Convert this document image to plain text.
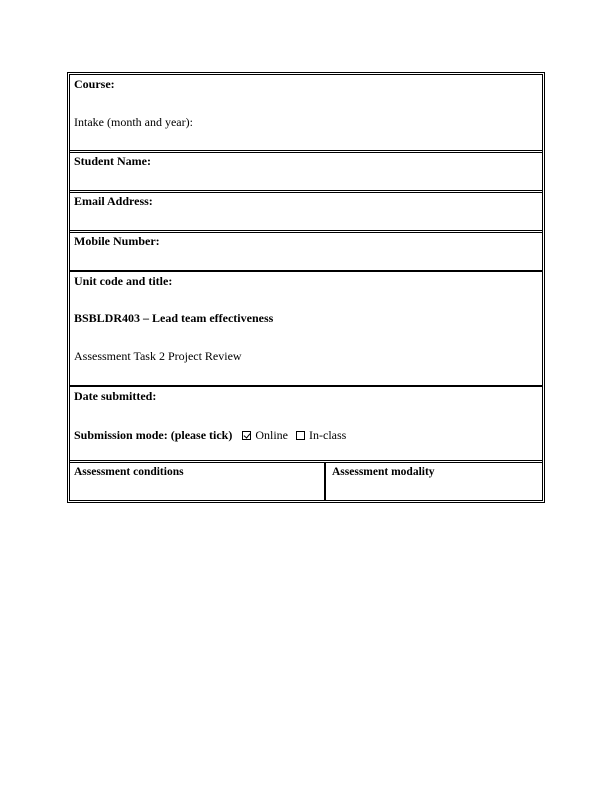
Course:
Intake (month and year):
Student Name:
Email Address:
Mobile Number:
Unit code and title:
BSBLDR403 – Lead team effectiveness
Assessment Task 2 Project Review
Date submitted:
Submission mode: (please tick) Online In-class
Assessment conditions	Assessment modality
